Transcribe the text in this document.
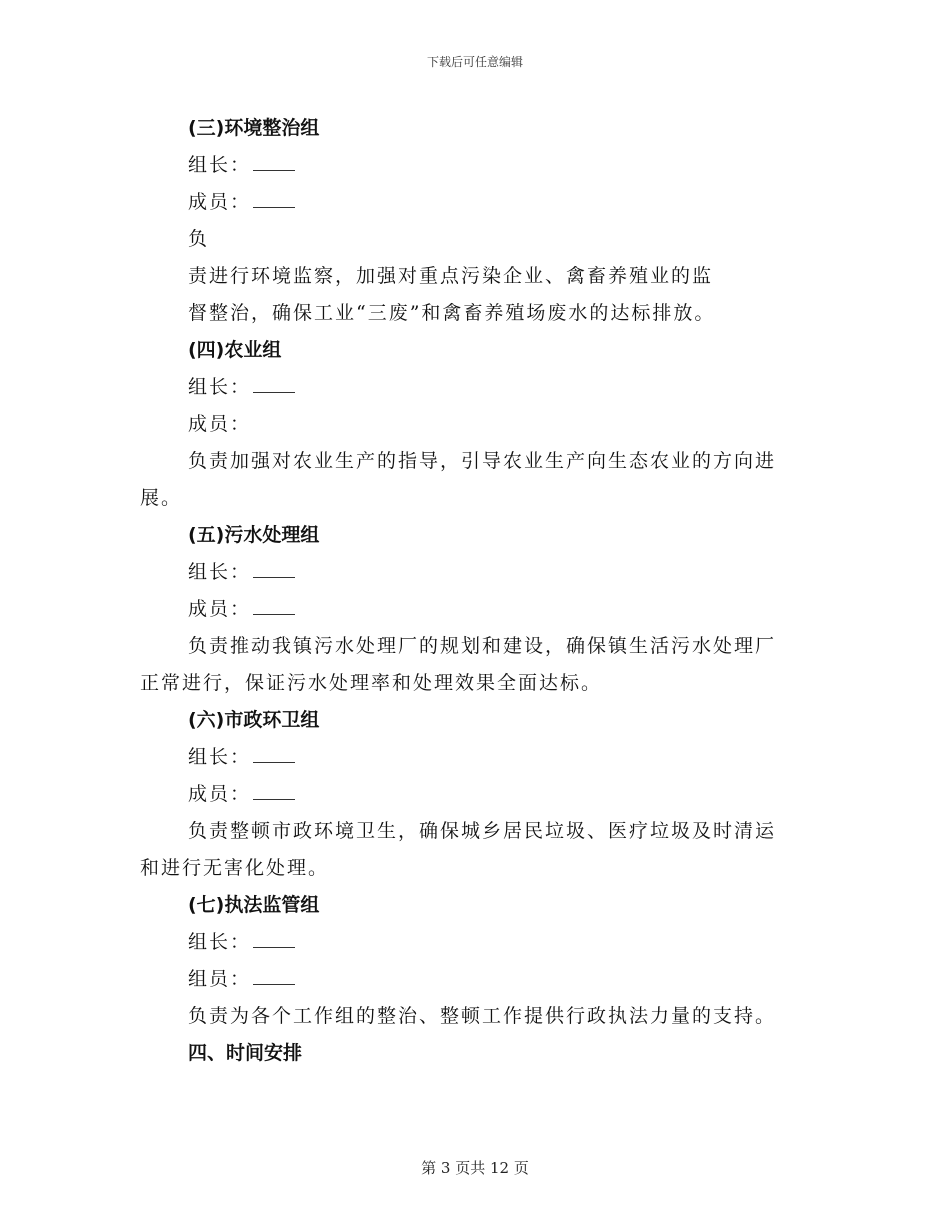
下载后可任意编辑
(三)环境整治组
组长：
成员：
负
责进行环境监察，加强对重点污染企业、禽畜养殖业的监
督整治，确保工业“三废”和禽畜养殖场废水的达标排放。
(四)农业组
组长：
成员：
负责加强对农业生产的指导，引导农业生产向生态农业的方向进
展。
(五)污水处理组
组长：
成员：
负责推动我镇污水处理厂的规划和建设，确保镇生活污水处理厂
正常进行，保证污水处理率和处理效果全面达标。
(六)市政环卫组
组长：
成员：
负责整顿市政环境卫生，确保城乡居民垃圾、医疗垃圾及时清运
和进行无害化处理。
(七)执法监管组
组长：
组员：
负责为各个工作组的整治、整顿工作提供行政执法力量的支持。
四、时间安排
第 3 页共 12 页
